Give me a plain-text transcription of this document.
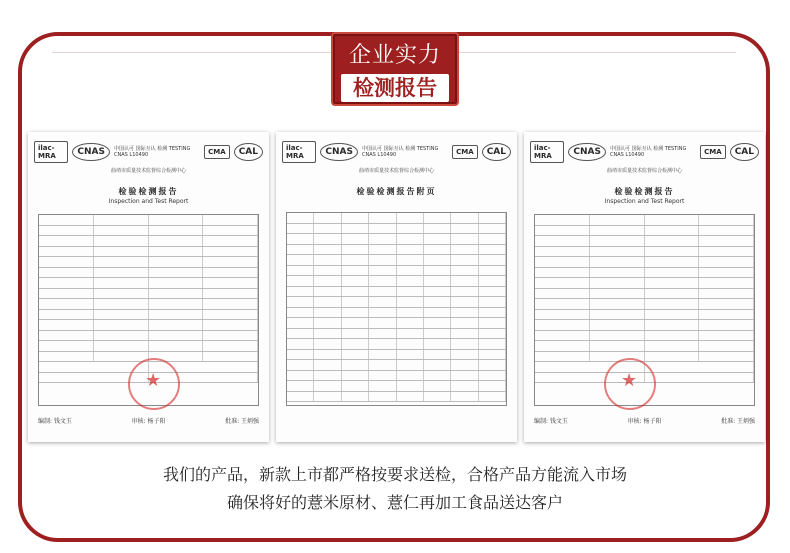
企业实力
检测报告
ilac-MRA	CNAS	中国认可 国际互认 检测 TESTING CNAS L10490	CMA	CAL
曲靖市质量技术监督综合检测中心
检验检测报告
Inspection and Test Report
★
编制: 钱文玉	审核: 杨子阳	批准: 王炳强
ilac-MRA	CNAS	中国认可 国际互认 检测 TESTING CNAS L10490	CMA	CAL
曲靖市质量技术监督综合检测中心
检验检测报告附页
ilac-MRA	CNAS	中国认可 国际互认 检测 TESTING CNAS L10490	CMA	CAL
曲靖市质量技术监督综合检测中心
检验检测报告
Inspection and Test Report
★
编制: 钱文玉	审核: 杨子阳	批准: 王炳强
我们的产品，新款上市都严格按要求送检，合格产品方能流入市场
确保将好的薏米原材、薏仁再加工食品送达客户
